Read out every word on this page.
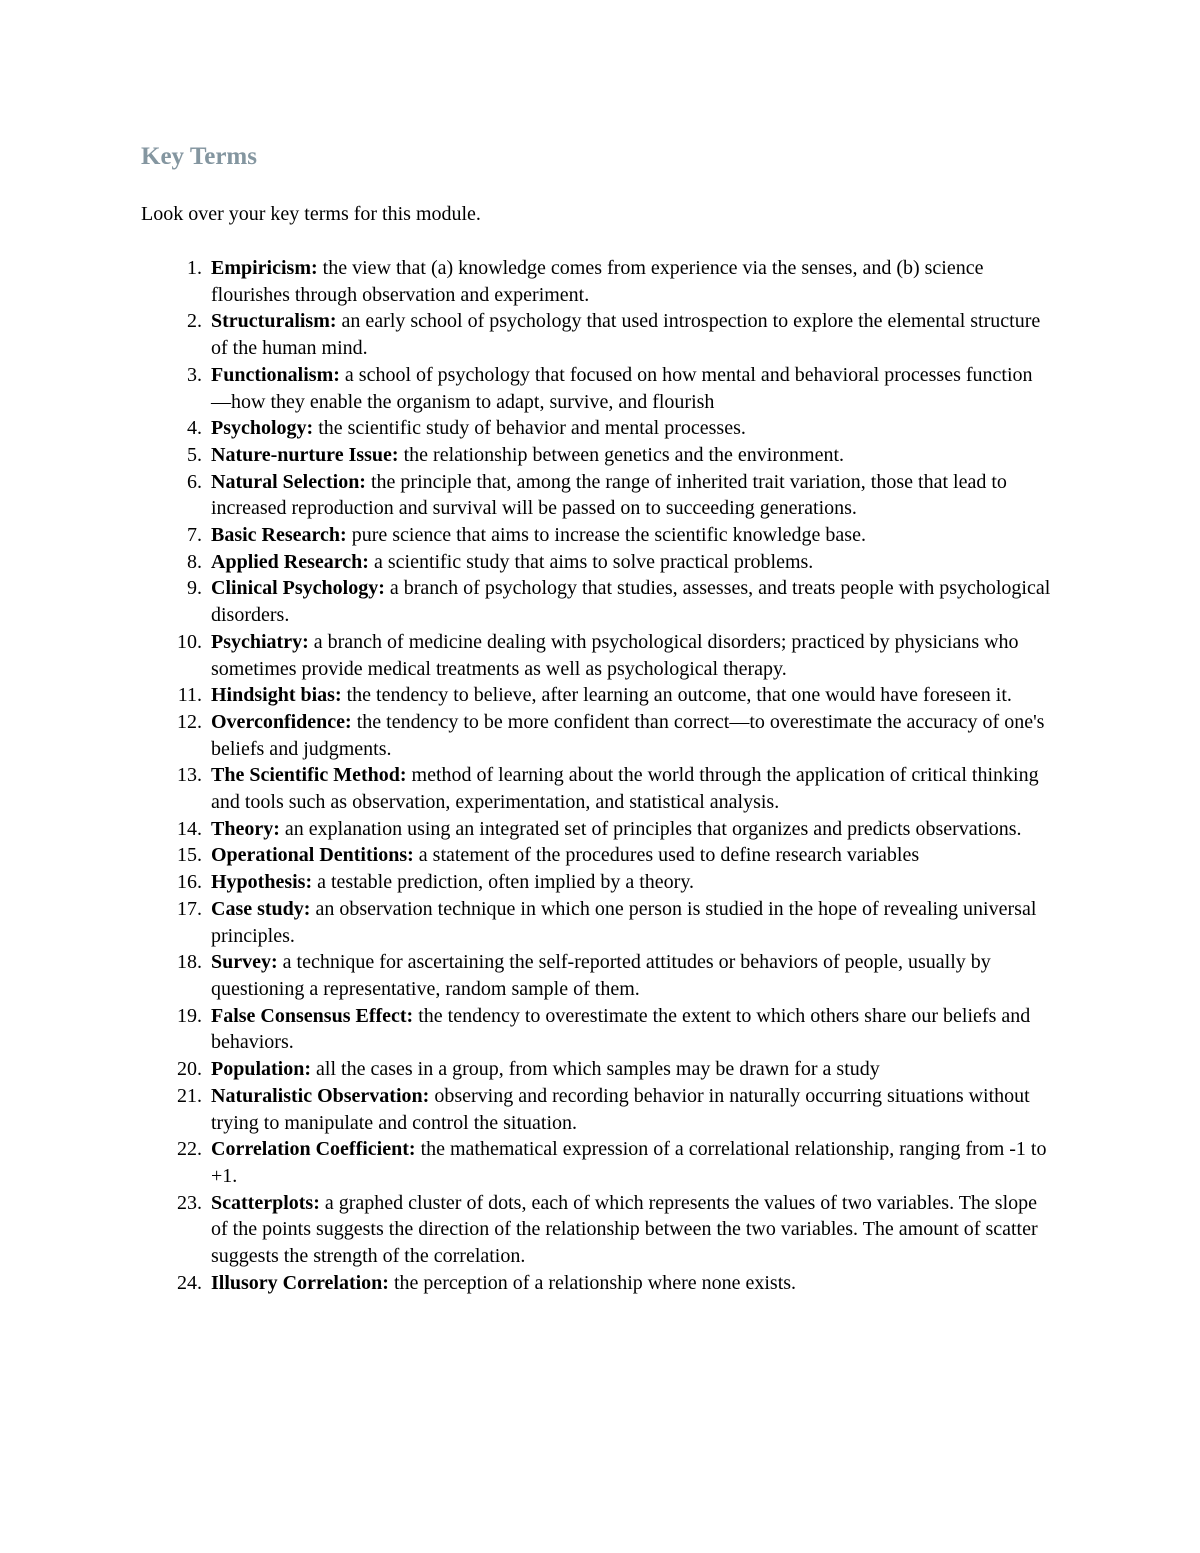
Key Terms

Look over your key terms for this module.

1. Empiricism: the view that (a) knowledge comes from experience via the senses, and (b) science flourishes through observation and experiment.
2. Structuralism: an early school of psychology that used introspection to explore the elemental structure of the human mind.
3. Functionalism: a school of psychology that focused on how mental and behavioral processes function—how they enable the organism to adapt, survive, and flourish
4. Psychology: the scientific study of behavior and mental processes.
5. Nature-nurture Issue: the relationship between genetics and the environment.
6. Natural Selection: the principle that, among the range of inherited trait variation, those that lead to increased reproduction and survival will be passed on to succeeding generations.
7. Basic Research: pure science that aims to increase the scientific knowledge base.
8. Applied Research: a scientific study that aims to solve practical problems.
9. Clinical Psychology: a branch of psychology that studies, assesses, and treats people with psychological disorders.
10. Psychiatry: a branch of medicine dealing with psychological disorders; practiced by physicians who sometimes provide medical treatments as well as psychological therapy.
11. Hindsight bias: the tendency to believe, after learning an outcome, that one would have foreseen it.
12. Overconfidence: the tendency to be more confident than correct—to overestimate the accuracy of one's beliefs and judgments.
13. The Scientific Method: method of learning about the world through the application of critical thinking and tools such as observation, experimentation, and statistical analysis.
14. Theory: an explanation using an integrated set of principles that organizes and predicts observations.
15. Operational Dentitions: a statement of the procedures used to define research variables
16. Hypothesis: a testable prediction, often implied by a theory.
17. Case study: an observation technique in which one person is studied in the hope of revealing universal principles.
18. Survey: a technique for ascertaining the self-reported attitudes or behaviors of people, usually by questioning a representative, random sample of them.
19. False Consensus Effect: the tendency to overestimate the extent to which others share our beliefs and behaviors.
20. Population: all the cases in a group, from which samples may be drawn for a study
21. Naturalistic Observation: observing and recording behavior in naturally occurring situations without trying to manipulate and control the situation.
22. Correlation Coefficient: the mathematical expression of a correlational relationship, ranging from -1 to +1.
23. Scatterplots: a graphed cluster of dots, each of which represents the values of two variables. The slope of the points suggests the direction of the relationship between the two variables. The amount of scatter suggests the strength of the correlation.
24. Illusory Correlation: the perception of a relationship where none exists.
